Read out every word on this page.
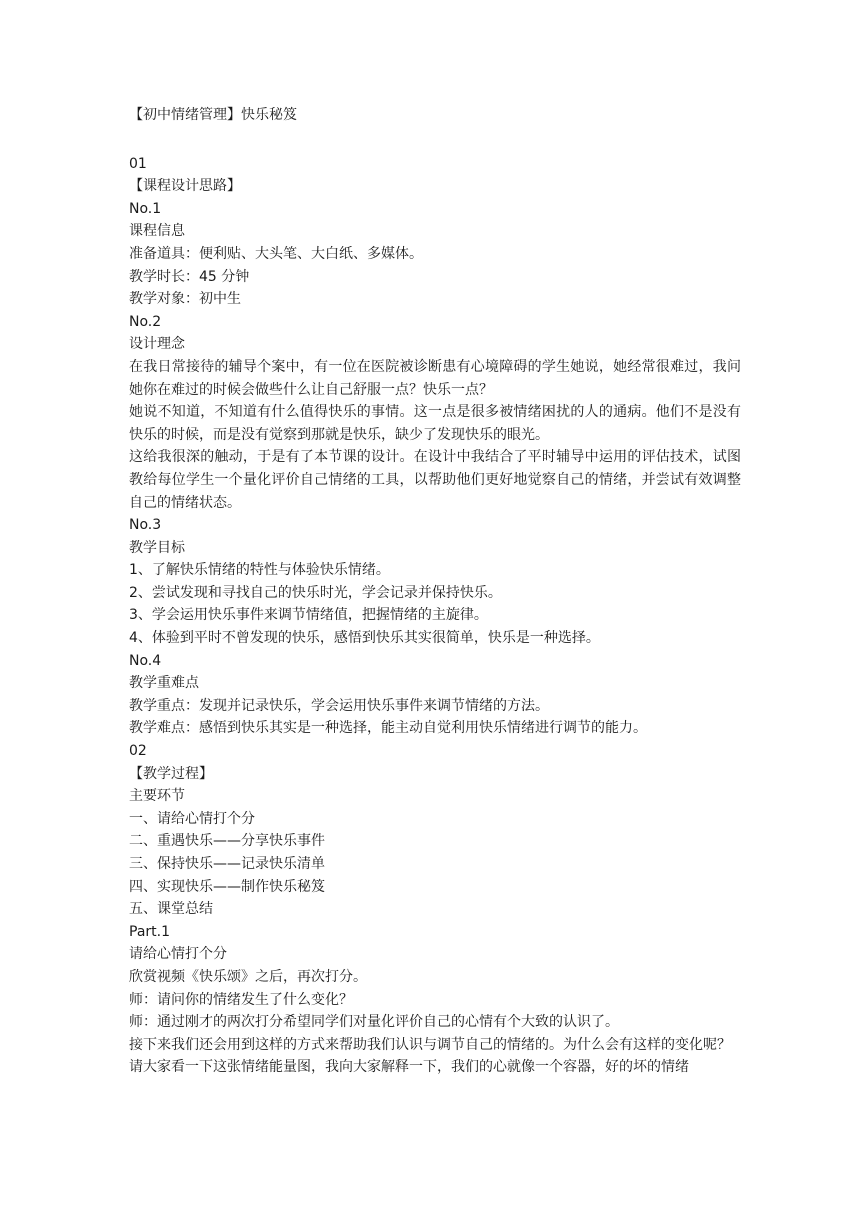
【初中情绪管理】快乐秘笈

01

【课程设计思路】

No.1

课程信息

准备道具：便利贴、大头笔、大白纸、多媒体。

教学时长：45 分钟

教学对象：初中生

No.2

设计理念

在我日常接待的辅导个案中，有一位在医院被诊断患有心境障碍的学生她说，她经常很难过，我问她你在难过的时候会做些什么让自己舒服一点？快乐一点？

她说不知道，不知道有什么值得快乐的事情。这一点是很多被情绪困扰的人的通病。他们不是没有快乐的时候，而是没有觉察到那就是快乐，缺少了发现快乐的眼光。

这给我很深的触动，于是有了本节课的设计。在设计中我结合了平时辅导中运用的评估技术，试图教给每位学生一个量化评价自己情绪的工具，以帮助他们更好地觉察自己的情绪，并尝试有效调整自己的情绪状态。

No.3

教学目标

1、了解快乐情绪的特性与体验快乐情绪。

2、尝试发现和寻找自己的快乐时光，学会记录并保持快乐。

3、学会运用快乐事件来调节情绪值，把握情绪的主旋律。

4、体验到平时不曾发现的快乐，感悟到快乐其实很简单，快乐是一种选择。

No.4

教学重难点

教学重点：发现并记录快乐，学会运用快乐事件来调节情绪的方法。

教学难点：感悟到快乐其实是一种选择，能主动自觉利用快乐情绪进行调节的能力。

02

【教学过程】

主要环节

一、请给心情打个分

二、重遇快乐——分享快乐事件

三、保持快乐——记录快乐清单

四、实现快乐——制作快乐秘笈

五、课堂总结

Part.1

请给心情打个分

欣赏视频《快乐颂》之后，再次打分。

师：请问你的情绪发生了什么变化？

师：通过刚才的两次打分希望同学们对量化评价自己的心情有个大致的认识了。

接下来我们还会用到这样的方式来帮助我们认识与调节自己的情绪的。为什么会有这样的变化呢？

请大家看一下这张情绪能量图，我向大家解释一下，我们的心就像一个容器，好的坏的情绪
